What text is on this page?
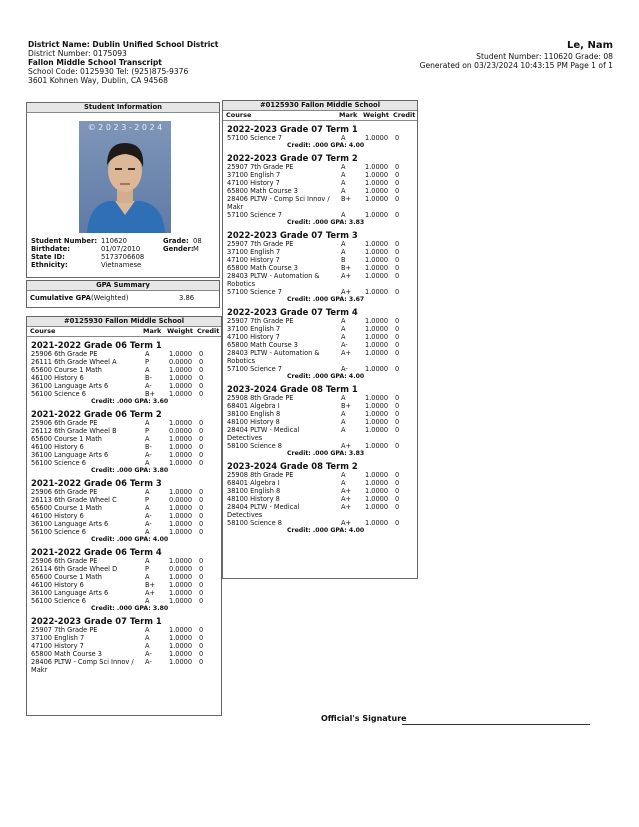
District Name: Dublin Unified School District
District Number: 0175093
Fallon Middle School Transcript
School Code: 0125930 Tel: (925)875-9376
3601 Kohnen Way, Dublin, CA 94568
Le, Nam
Student Number: 110620 Grade: 08
Generated on 03/23/2024 10:43:15 PM Page 1 of 1
Student Information
© 2 0 2 3 - 2 0 2 4
Student Number: 110620	Grade: 08
Birthdate:	01/07/2010	Gender: M
State ID:	5173706608
Ethnicity:	Vietnamese
GPA Summary
Cumulative GPA (Weighted)	3.86
#0125930 Fallon Middle School
Course	Mark Weight Credit
2021-2022 Grade 06 Term 1
25906 6th Grade PE	A	1.0000 0
26111 6th Grade Wheel A	P	0.0000 0
65600 Course 1 Math	A	1.0000 0
46100 History 6	B-	1.0000 0
36100 Language Arts 6	A-	1.0000 0
56100 Science 6	B+ 1.0000 0
Credit: .000 GPA: 3.60
2021-2022 Grade 06 Term 2
25906 6th Grade PE	A	1.0000 0
26112 6th Grade Wheel B	P	0.0000 0
65600 Course 1 Math	A	1.0000 0
46100 History 6	B-	1.0000 0
36100 Language Arts 6	A-	1.0000 0
56100 Science 6	A	1.0000 0
Credit: .000 GPA: 3.80
2021-2022 Grade 06 Term 3
25906 6th Grade PE	A	1.0000 0
26113 6th Grade Wheel C	P	0.0000 0
65600 Course 1 Math	A	1.0000 0
46100 History 6	A-	1.0000 0
36100 Language Arts 6	A-	1.0000 0
56100 Science 6	A	1.0000 0
Credit: .000 GPA: 4.00
2021-2022 Grade 06 Term 4
25906 6th Grade PE	A	1.0000 0
26114 6th Grade Wheel D	P	0.0000 0
65600 Course 1 Math	A	1.0000 0
46100 History 6	B+ 1.0000 0
36100 Language Arts 6	A+ 1.0000 0
56100 Science 6	A	1.0000 0
Credit: .000 GPA: 3.80
2022-2023 Grade 07 Term 1
25907 7th Grade PE	A	1.0000 0
37100 English 7	A	1.0000 0
47100 History 7	A	1.0000 0
65800 Math Course 3	A-	1.0000 0
28406 PLTW - Comp Sci Innov / A-	1.0000 0
Makr
#0125930 Fallon Middle School
Course	Mark Weight Credit
2022-2023 Grade 07 Term 1
57100 Science 7	A	1.0000 0
Credit: .000 GPA: 4.00
2022-2023 Grade 07 Term 2
25907 7th Grade PE	A	1.0000 0
37100 English 7	A	1.0000 0
47100 History 7	A	1.0000 0
65800 Math Course 3	A	1.0000 0
28406 PLTW - Comp Sci Innov / B+ 1.0000 0
Makr
57100 Science 7	A	1.0000 0
Credit: .000 GPA: 3.83
2022-2023 Grade 07 Term 3
25907 7th Grade PE	A	1.0000 0
37100 English 7	A	1.0000 0
47100 History 7	B	1.0000 0
65800 Math Course 3	B+ 1.0000 0
28403 PLTW - Automation &	A+ 1.0000 0
Robotics
57100 Science 7	A+ 1.0000 0
Credit: .000 GPA: 3.67
2022-2023 Grade 07 Term 4
25907 7th Grade PE	A	1.0000 0
37100 English 7	A	1.0000 0
47100 History 7	A	1.0000 0
65800 Math Course 3	A-	1.0000 0
28403 PLTW - Automation &	A+ 1.0000 0
Robotics
57100 Science 7	A-	1.0000 0
Credit: .000 GPA: 4.00
2023-2024 Grade 08 Term 1
25908 8th Grade PE	A	1.0000 0
68401 Algebra I	B+ 1.0000 0
38100 English 8	A	1.0000 0
48100 History 8	A	1.0000 0
28404 PLTW - Medical	A	1.0000 0
Detectives
58100 Science 8	A+ 1.0000 0
Credit: .000 GPA: 3.83
2023-2024 Grade 08 Term 2
25908 8th Grade PE	A	1.0000 0
68401 Algebra I	A	1.0000 0
38100 English 8	A+ 1.0000 0
48100 History 8	A+ 1.0000 0
28404 PLTW - Medical	A+ 1.0000 0
Detectives
58100 Science 8	A+ 1.0000 0
Credit: .000 GPA: 4.00
Official's Signature
